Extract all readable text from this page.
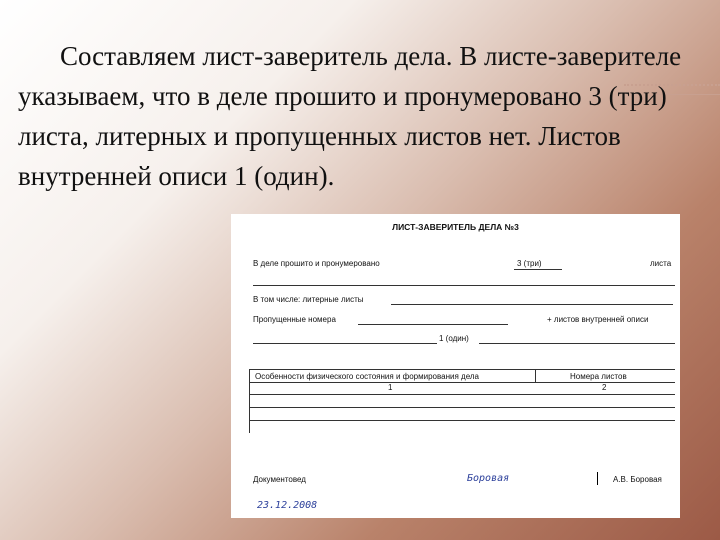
Составляем лист-заверитель дела. В листе-заверителе указываем, что в деле прошито и пронумеровано 3 (три) листа, литерных и пропущенных листов нет. Листов внутренней описи 1 (один).

ЛИСТ-ЗАВЕРИТЕЛЬ ДЕЛА №3
В деле прошито и пронумеровано	3 (три)	листа
В том числе: литерные листы
Пропущенные номера	+ листов внутренней описи
1 (один)
Особенности физического состояния и формирования дела	Номера листов
1	2
Документовед	Боровая	А.В. Боровая
23.12.2008
